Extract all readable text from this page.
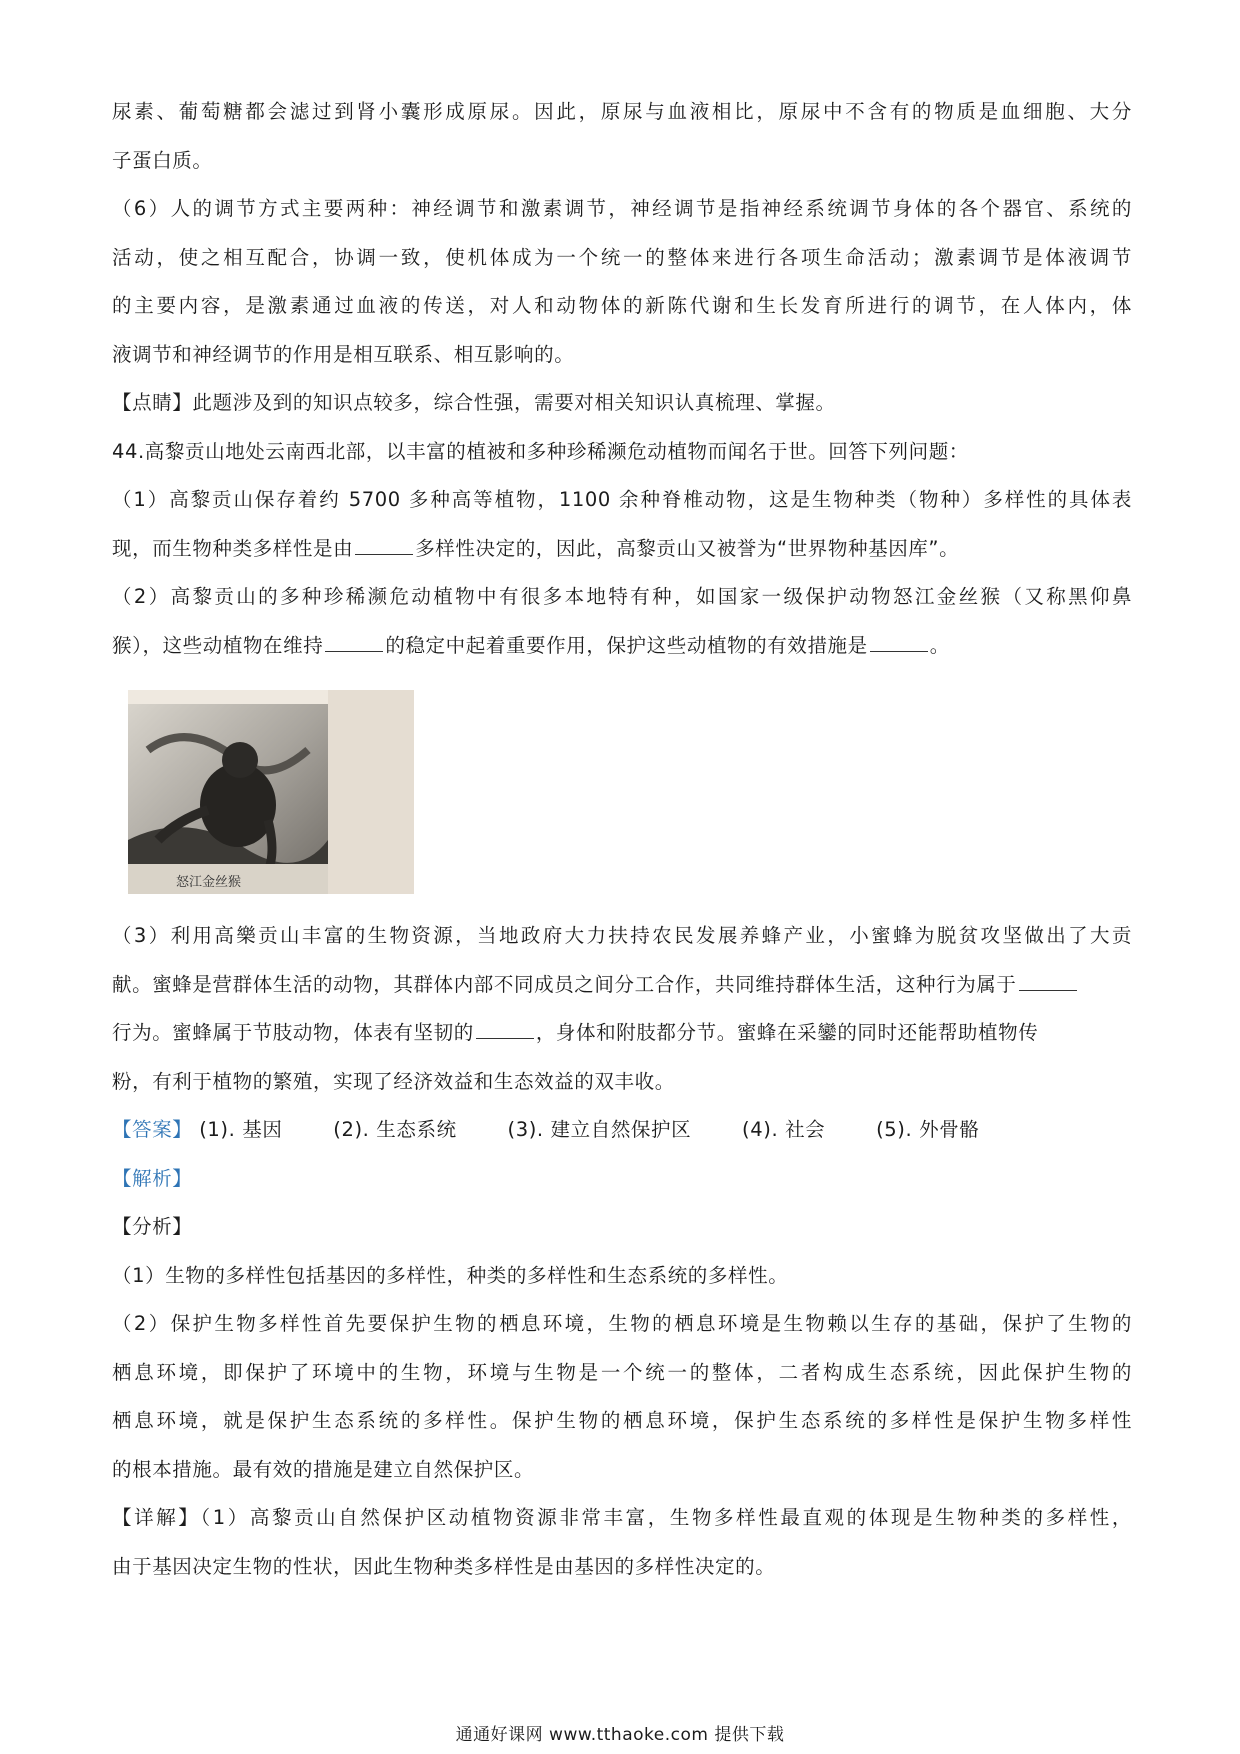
尿素、葡萄糖都会滤过到肾小囊形成原尿。因此，原尿与血液相比，原尿中不含有的物质是血细胞、大分
子蛋白质。
（6）人的调节方式主要两种：神经调节和激素调节，神经调节是指神经系统调节身体的各个器官、系统的
活动，使之相互配合，协调一致，使机体成为一个统一的整体来进行各项生命活动；激素调节是体液调节
的主要内容，是激素通过血液的传送，对人和动物体的新陈代谢和生长发育所进行的调节，在人体内，体
液调节和神经调节的作用是相互联系、相互影响的。
【点睛】此题涉及到的知识点较多，综合性强，需要对相关知识认真梳理、掌握。
44.高黎贡山地处云南西北部，以丰富的植被和多种珍稀濒危动植物而闻名于世。回答下列问题：
（1）高黎贡山保存着约 5700 多种高等植物，1100 余种脊椎动物，这是生物种类（物种）多样性的具体表
现，而生物种类多样性是由	多样性决定的，因此，高黎贡山又被誉为“世界物种基因库”。
（2）高黎贡山的多种珍稀濒危动植物中有很多本地特有种，如国家一级保护动物怒江金丝猴（又称黑仰鼻
猴），这些动植物在维持	的稳定中起着重要作用，保护这些动植物的有效措施是	。
怒江金丝猴
（3）利用高樂贡山丰富的生物资源，当地政府大力扶持农民发展养蜂产业，小蜜蜂为脱贫攻坚做出了大贡
献。蜜蜂是营群体生活的动物，其群体内部不同成员之间分工合作，共同维持群体生活，这种行为属于
行为。蜜蜂属于节肢动物，体表有坚韧的	，身体和附肢都分节。蜜蜂在采鑾的同时还能帮助植物传
粉，有利于植物的繁殖，实现了经济效益和生态效益的双丰收。
【答案】 (1). 基因	(2). 生态系统	(3). 建立自然保护区	(4). 社会	(5). 外骨骼
【解析】
【分析】
（1）生物的多样性包括基因的多样性，种类的多样性和生态系统的多样性。
（2）保护生物多样性首先要保护生物的栖息环境，生物的栖息环境是生物赖以生存的基础，保护了生物的
栖息环境，即保护了环境中的生物，环境与生物是一个统一的整体，二者构成生态系统，因此保护生物的
栖息环境，就是保护生态系统的多样性。保护生物的栖息环境，保护生态系统的多样性是保护生物多样性
的根本措施。最有效的措施是建立自然保护区。
【详解】（1）高黎贡山自然保护区动植物资源非常丰富，生物多样性最直观的体现是生物种类的多样性，
由于基因决定生物的性状，因此生物种类多样性是由基因的多样性决定的。
通通好课网 www.tthaoke.com 提供下载
